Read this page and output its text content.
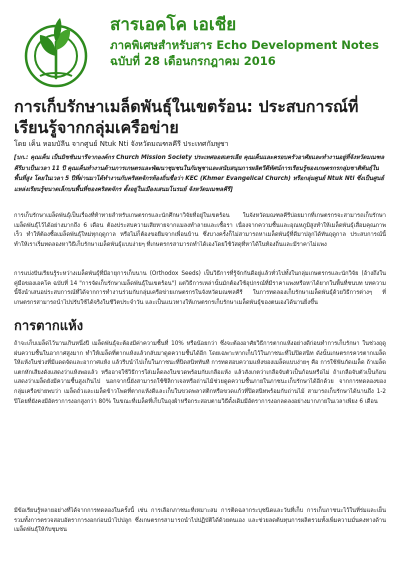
สารเอคโค เอเชีย
ภาคพิเศษสำหรับสาร Echo Development Notes
ฉบับที่ 28 เดือนกรกฎาคม 2016
การเก็บรักษาเมล็ดพันธุ์ในเขตร้อน: ประสบการณ์ที่เรียนรู้จากกลุ่มเครือข่าย

โดย เค็น หอมบัลีน จากศูนย์ Ntuk Nti จังหวัดมณฑลคีรี ประเทศกัมพูชา

[บก.: คุณเค็น เป็นมิชชันนารีจากองค์กร Church Mission Society ประเทศออสเตรเลีย คุณเค็นและครอบครัวอาศัยและทำงานอยู่ที่จังหวัดมณฑลคีรีมาเป็นเวลา 11 ปี คุณเค็นทำงานด้านการเกษตรและพัฒนาชุมชนในกัมพูชาและสนับสนุนการผลิตวีดีทัศน์การเรียนรู้ของเกษตรกรกลุ่มชาติพันธุ์ในพื้นที่สูง โดยในเวลา 5 ปีที่ผ่านมาได้ทำงานกับคริสตจักรท้องถิ่นชื่อว่า KEC (Khmer Evangelical Church) หรือกลุ่มศูนย์ Ntuk Nti ซึ่งเป็นศูนย์แหล่งเรียนรู้ขนาดเล็กบนพื้นที่ของคริสตจักร ตั้งอยู่ในเมืองเสนมโนรมย์ จังหวัดมณฑลคีรี]

การเก็บรักษาเมล็ดพันธุ์เป็นเรื่องที่ท้าทายสำหรับเกษตรกรและนักศึกษาวิจัยที่อยู่ในเขตร้อน ในจังหวัดมณฑลคีรีบ่อยมากที่เกษตรกรจะสามารถเก็บรักษาเมล็ดพันธุ์ไว้ได้อย่างมากถึง 6 เดือน ต้องประสบความเสียหายจากแมลงทำลายและเชื้อรา เนื่องจากความชื้นและอุณหภูมิสูงทำให้เมล็ดพันธุ์เสื่อมคุณภาพเร็ว ทำให้ต้องซื้อเมล็ดพันธุ์ใหม่ทุกฤดูกาล หรือไม่ก็ต้องขอยืมจากเพื่อนบ้าน ซึ่งบางครั้งก็ไม่สามารถหาเมล็ดพันธุ์ที่ดีมาปลูกได้ทันฤดูกาล ประสบการณ์นี้ทำให้เราเริ่มทดลองหาวิธีเก็บรักษาเมล็ดพันธุ์แบบง่ายๆ ที่เกษตรกรสามารถทำได้เองโดยใช้วัสดุที่หาได้ในท้องถิ่นและมีราคาไม่แพง

การแบ่งปันเรียนรู้ระหว่างเมล็ดพันธุ์ที่มีอายุการเก็บนาน (Orthodox Seeds) เป็นวิธีการที่รู้จักกันดีอยู่แล้วทั่วไปทั้งในกลุ่มเกษตรกรและนักวิจัย (อ้างถึงในคู่มือของเอคโค ฉบับที่ 14 "การจัดเก็บรักษาเมล็ดพันธุ์ในเขตร้อน") แต่วิธีการเหล่านั้นมักต้องใช้อุปกรณ์ที่มีราคาแพงหรือหาได้ยากในพื้นที่ชนบท บทความนี้จึงนำเสนอประสบการณ์ที่ได้จากการทำงานร่วมกับกลุ่มเครือข่ายเกษตรกรในจังหวัดมณฑลคีรี ในการทดลองเก็บรักษาเมล็ดพันธุ์ด้วยวิธีการต่างๆ ที่เกษตรกรสามารถนำไปปรับใช้ได้จริงในชีวิตประจำวัน และเป็นแนวทางให้เกษตรกรเก็บรักษาเมล็ดพันธุ์ของตนเองได้นานยิ่งขึ้น

การตากแห้ง

ถ้าจะเก็บเมล็ดไว้นานเกินหนึ่งปี เมล็ดพันธุ์จะต้องมีค่าความชื้นที่ 10% หรือน้อยกว่า ซึ่งจะต้องอาศัยวิธีการตากแห้งอย่างดีก่อนทำการเก็บรักษา ในช่วงฤดูฝนความชื้นในอากาศสูงมาก ทำให้เมล็ดที่ตากแห้งแล้วกลับมาดูดความชื้นได้อีก โดยเฉพาะหากเก็บไว้ในภาชนะที่ไม่ปิดสนิท ดังนั้นเกษตรกรควรตากเมล็ดให้แห้งในช่วงที่มีแดดจัดและอากาศแห้ง แล้วรีบนำไปเก็บในภาชนะที่ปิดสนิททันที การทดสอบความแห้งของเมล็ดแบบง่ายๆ คือ การใช้ฟันกัดเมล็ด ถ้าเมล็ดแตกหักเสียงดังแสดงว่าแห้งพอแล้ว หรืออาจใช้วิธีการใส่เมล็ดลงในขวดพร้อมกับเกลือแห้ง แล้วสังเกตว่าเกลือจับตัวเป็นก้อนหรือไม่ ถ้าเกลือจับตัวเป็นก้อนแสดงว่าเมล็ดยังมีความชื้นสูงเกินไป นอกจากนี้ยังสามารถใช้ซิลิกาเจลหรือถ่านไม้ช่วยดูดความชื้นภายในภาชนะเก็บรักษาได้อีกด้วย จากการทดลองของกลุ่มเครือข่ายพบว่า เมล็ดถั่วและเมล็ดข้าวโพดที่ตากแห้งดีและเก็บในขวดพลาสติกหรือขวดแก้วที่ปิดสนิทพร้อมกับถ่านไม้ สามารถเก็บรักษาได้นานถึง 1-2 ปีโดยที่ยังคงมีอัตราการงอกสูงกว่า 80% ในขณะที่เมล็ดที่เก็บในถุงผ้าหรือกระสอบตามวิธีดั้งเดิมมีอัตราการงอกลดลงอย่างมากภายในเวลาเพียง 6 เดือน

มีข้อเรียนรู้หลายอย่างที่ได้จากการทดลองในครั้งนี้ เช่น การเลือกภาชนะที่เหมาะสม การติดฉลากระบุชนิดและวันที่เก็บ การเก็บภาชนะไว้ในที่ร่มและเย็น รวมทั้งการตรวจสอบอัตราการงอกก่อนนำไปปลูก ซึ่งเกษตรกรสามารถนำไปปฏิบัติได้ด้วยตนเอง และช่วยลดต้นทุนการผลิตรวมทั้งเพิ่มความมั่นคงทางด้านเมล็ดพันธุ์ให้กับชุมชน
